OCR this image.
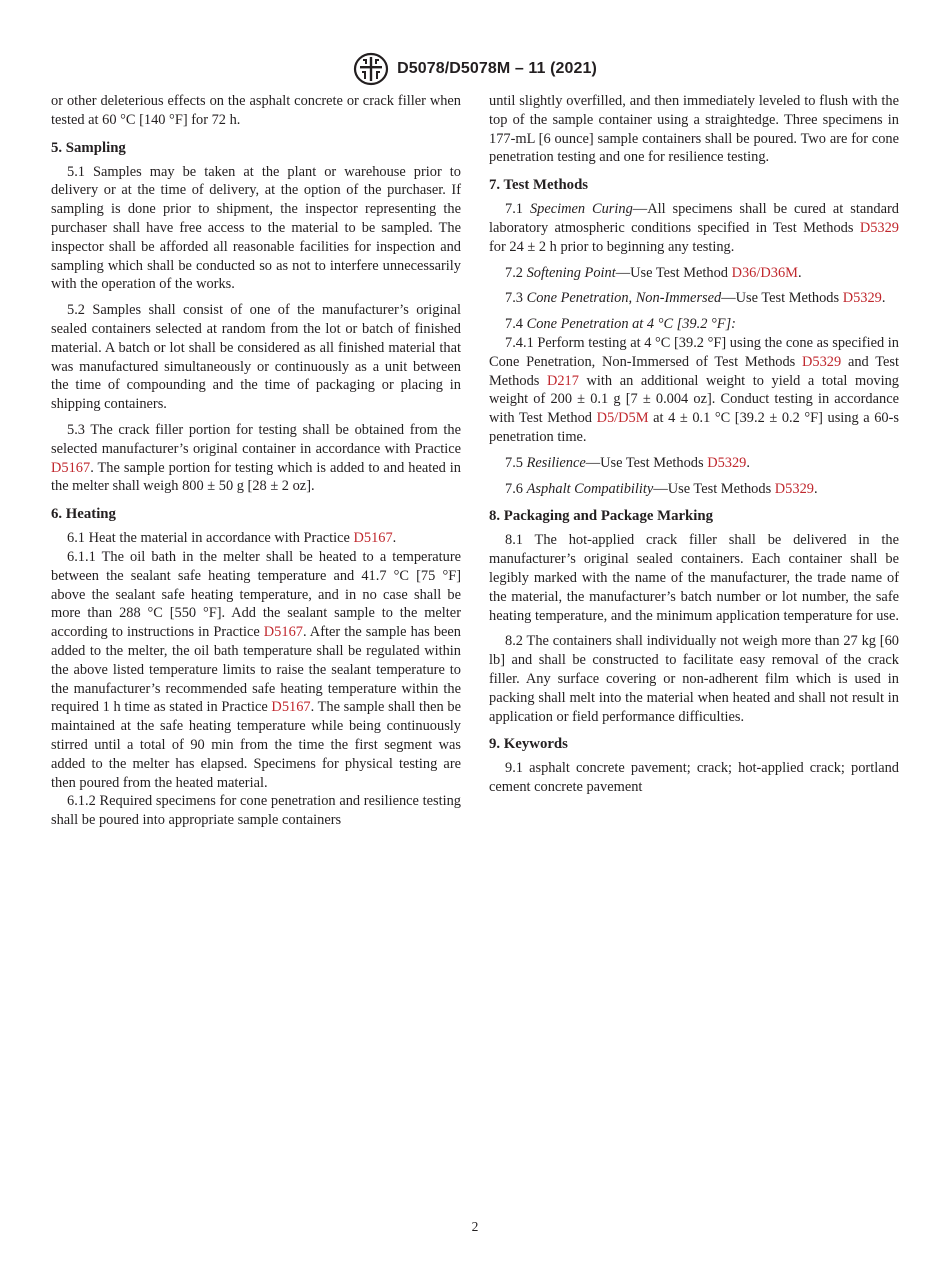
D5078/D5078M – 11 (2021)

or other deleterious effects on the asphalt concrete or crack filler when tested at 60 °C [140 °F] for 72 h.

5. Sampling

5.1 Samples may be taken at the plant or warehouse prior to delivery or at the time of delivery, at the option of the purchaser. If sampling is done prior to shipment, the inspector representing the purchaser shall have free access to the material to be sampled. The inspector shall be afforded all reasonable facilities for inspection and sampling which shall be conducted so as not to interfere unnecessarily with the operation of the works.

5.2 Samples shall consist of one of the manufacturer’s original sealed containers selected at random from the lot or batch of finished material. A batch or lot shall be considered as all finished material that was manufactured simultaneously or continuously as a unit between the time of compounding and the time of packaging or placing in shipping containers.

5.3 The crack filler portion for testing shall be obtained from the selected manufacturer’s original container in accordance with Practice D5167. The sample portion for testing which is added to and heated in the melter shall weigh 800 ± 50 g [28 ± 2 oz].

6. Heating

6.1 Heat the material in accordance with Practice D5167.

6.1.1 The oil bath in the melter shall be heated to a temperature between the sealant safe heating temperature and 41.7 °C [75 °F] above the sealant safe heating temperature, and in no case shall be more than 288 °C [550 °F]. Add the sealant sample to the melter according to instructions in Practice D5167. After the sample has been added to the melter, the oil bath temperature shall be regulated within the above listed temperature limits to raise the sealant temperature to the manufacturer’s recommended safe heating temperature within the required 1 h time as stated in Practice D5167. The sample shall then be maintained at the safe heating temperature while being continuously stirred until a total of 90 min from the time the first segment was added to the melter has elapsed. Specimens for physical testing are then poured from the heated material.

6.1.2 Required specimens for cone penetration and resilience testing shall be poured into appropriate sample containers

until slightly overfilled, and then immediately leveled to flush with the top of the sample container using a straightedge. Three specimens in 177-mL [6 ounce] sample containers shall be poured. Two are for cone penetration testing and one for resilience testing.

7. Test Methods

7.1 Specimen Curing—All specimens shall be cured at standard laboratory atmospheric conditions specified in Test Methods D5329 for 24 ± 2 h prior to beginning any testing.

7.2 Softening Point—Use Test Method D36/D36M.

7.3 Cone Penetration, Non-Immersed—Use Test Methods D5329.

7.4 Cone Penetration at 4 °C [39.2 °F]:

7.4.1 Perform testing at 4 °C [39.2 °F] using the cone as specified in Cone Penetration, Non-Immersed of Test Methods D5329 and Test Methods D217 with an additional weight to yield a total moving weight of 200 ± 0.1 g [7 ± 0.004 oz]. Conduct testing in accordance with Test Method D5/D5M at 4 ± 0.1 °C [39.2 ± 0.2 °F] using a 60-s penetration time.

7.5 Resilience—Use Test Methods D5329.

7.6 Asphalt Compatibility—Use Test Methods D5329.

8. Packaging and Package Marking

8.1 The hot-applied crack filler shall be delivered in the manufacturer’s original sealed containers. Each container shall be legibly marked with the name of the manufacturer, the trade name of the material, the manufacturer’s batch number or lot number, the safe heating temperature, and the minimum application temperature for use.

8.2 The containers shall individually not weigh more than 27 kg [60 lb] and shall be constructed to facilitate easy removal of the crack filler. Any surface covering or non-adherent film which is used in packing shall melt into the material when heated and shall not result in application or field performance difficulties.

9. Keywords

9.1 asphalt concrete pavement; crack; hot-applied crack; portland cement concrete pavement

2
